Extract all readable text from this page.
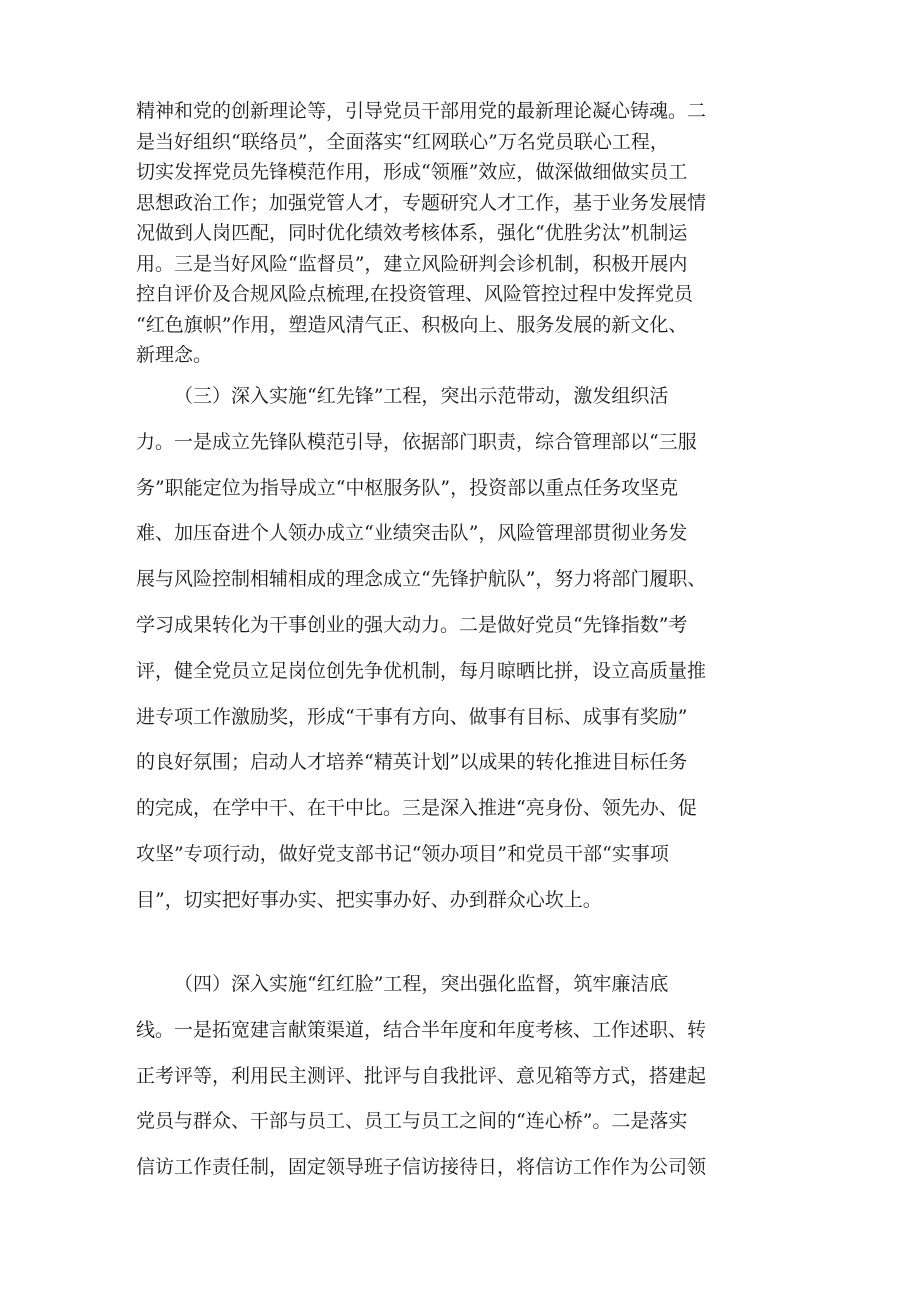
精神和党的创新理论等，引导党员干部用党的最新理论凝心铸魂。二
是当好组织“联络员”，全面落实“红网联心”万名党员联心工程，
切实发挥党员先锋模范作用，形成“领雁”效应，做深做细做实员工
思想政治工作；加强党管人才，专题研究人才工作，基于业务发展情
况做到人岗匹配，同时优化绩效考核体系，强化“优胜劣汰”机制运
用。三是当好风险“监督员”，建立风险研判会诊机制，积极开展内
控自评价及合规风险点梳理,在投资管理、风险管控过程中发挥党员
“红色旗帜”作用，塑造风清气正、积极向上、服务发展的新文化、
新理念。
（三）深入实施“红先锋”工程，突出示范带动，激发组织活
力。一是成立先锋队模范引导，依据部门职责，综合管理部以“三服
务”职能定位为指导成立“中枢服务队”，投资部以重点任务攻坚克
难、加压奋进个人领办成立“业绩突击队”，风险管理部贯彻业务发
展与风险控制相辅相成的理念成立“先锋护航队”，努力将部门履职、
学习成果转化为干事创业的强大动力。二是做好党员“先锋指数”考
评，健全党员立足岗位创先争优机制，每月晾晒比拼，设立高质量推
进专项工作激励奖，形成“干事有方向、做事有目标、成事有奖励”
的良好氛围；启动人才培养“精英计划”以成果的转化推进目标任务
的完成，在学中干、在干中比。三是深入推进“亮身份、领先办、促
攻坚”专项行动，做好党支部书记“领办项目”和党员干部“实事项
目”，切实把好事办实、把实事办好、办到群众心坎上。
（四）深入实施“红红脸”工程，突出强化监督，筑牢廉洁底
线。一是拓宽建言献策渠道，结合半年度和年度考核、工作述职、转
正考评等，利用民主测评、批评与自我批评、意见箱等方式，搭建起
党员与群众、干部与员工、员工与员工之间的“连心桥”。二是落实
信访工作责任制，固定领导班子信访接待日，将信访工作作为公司领
